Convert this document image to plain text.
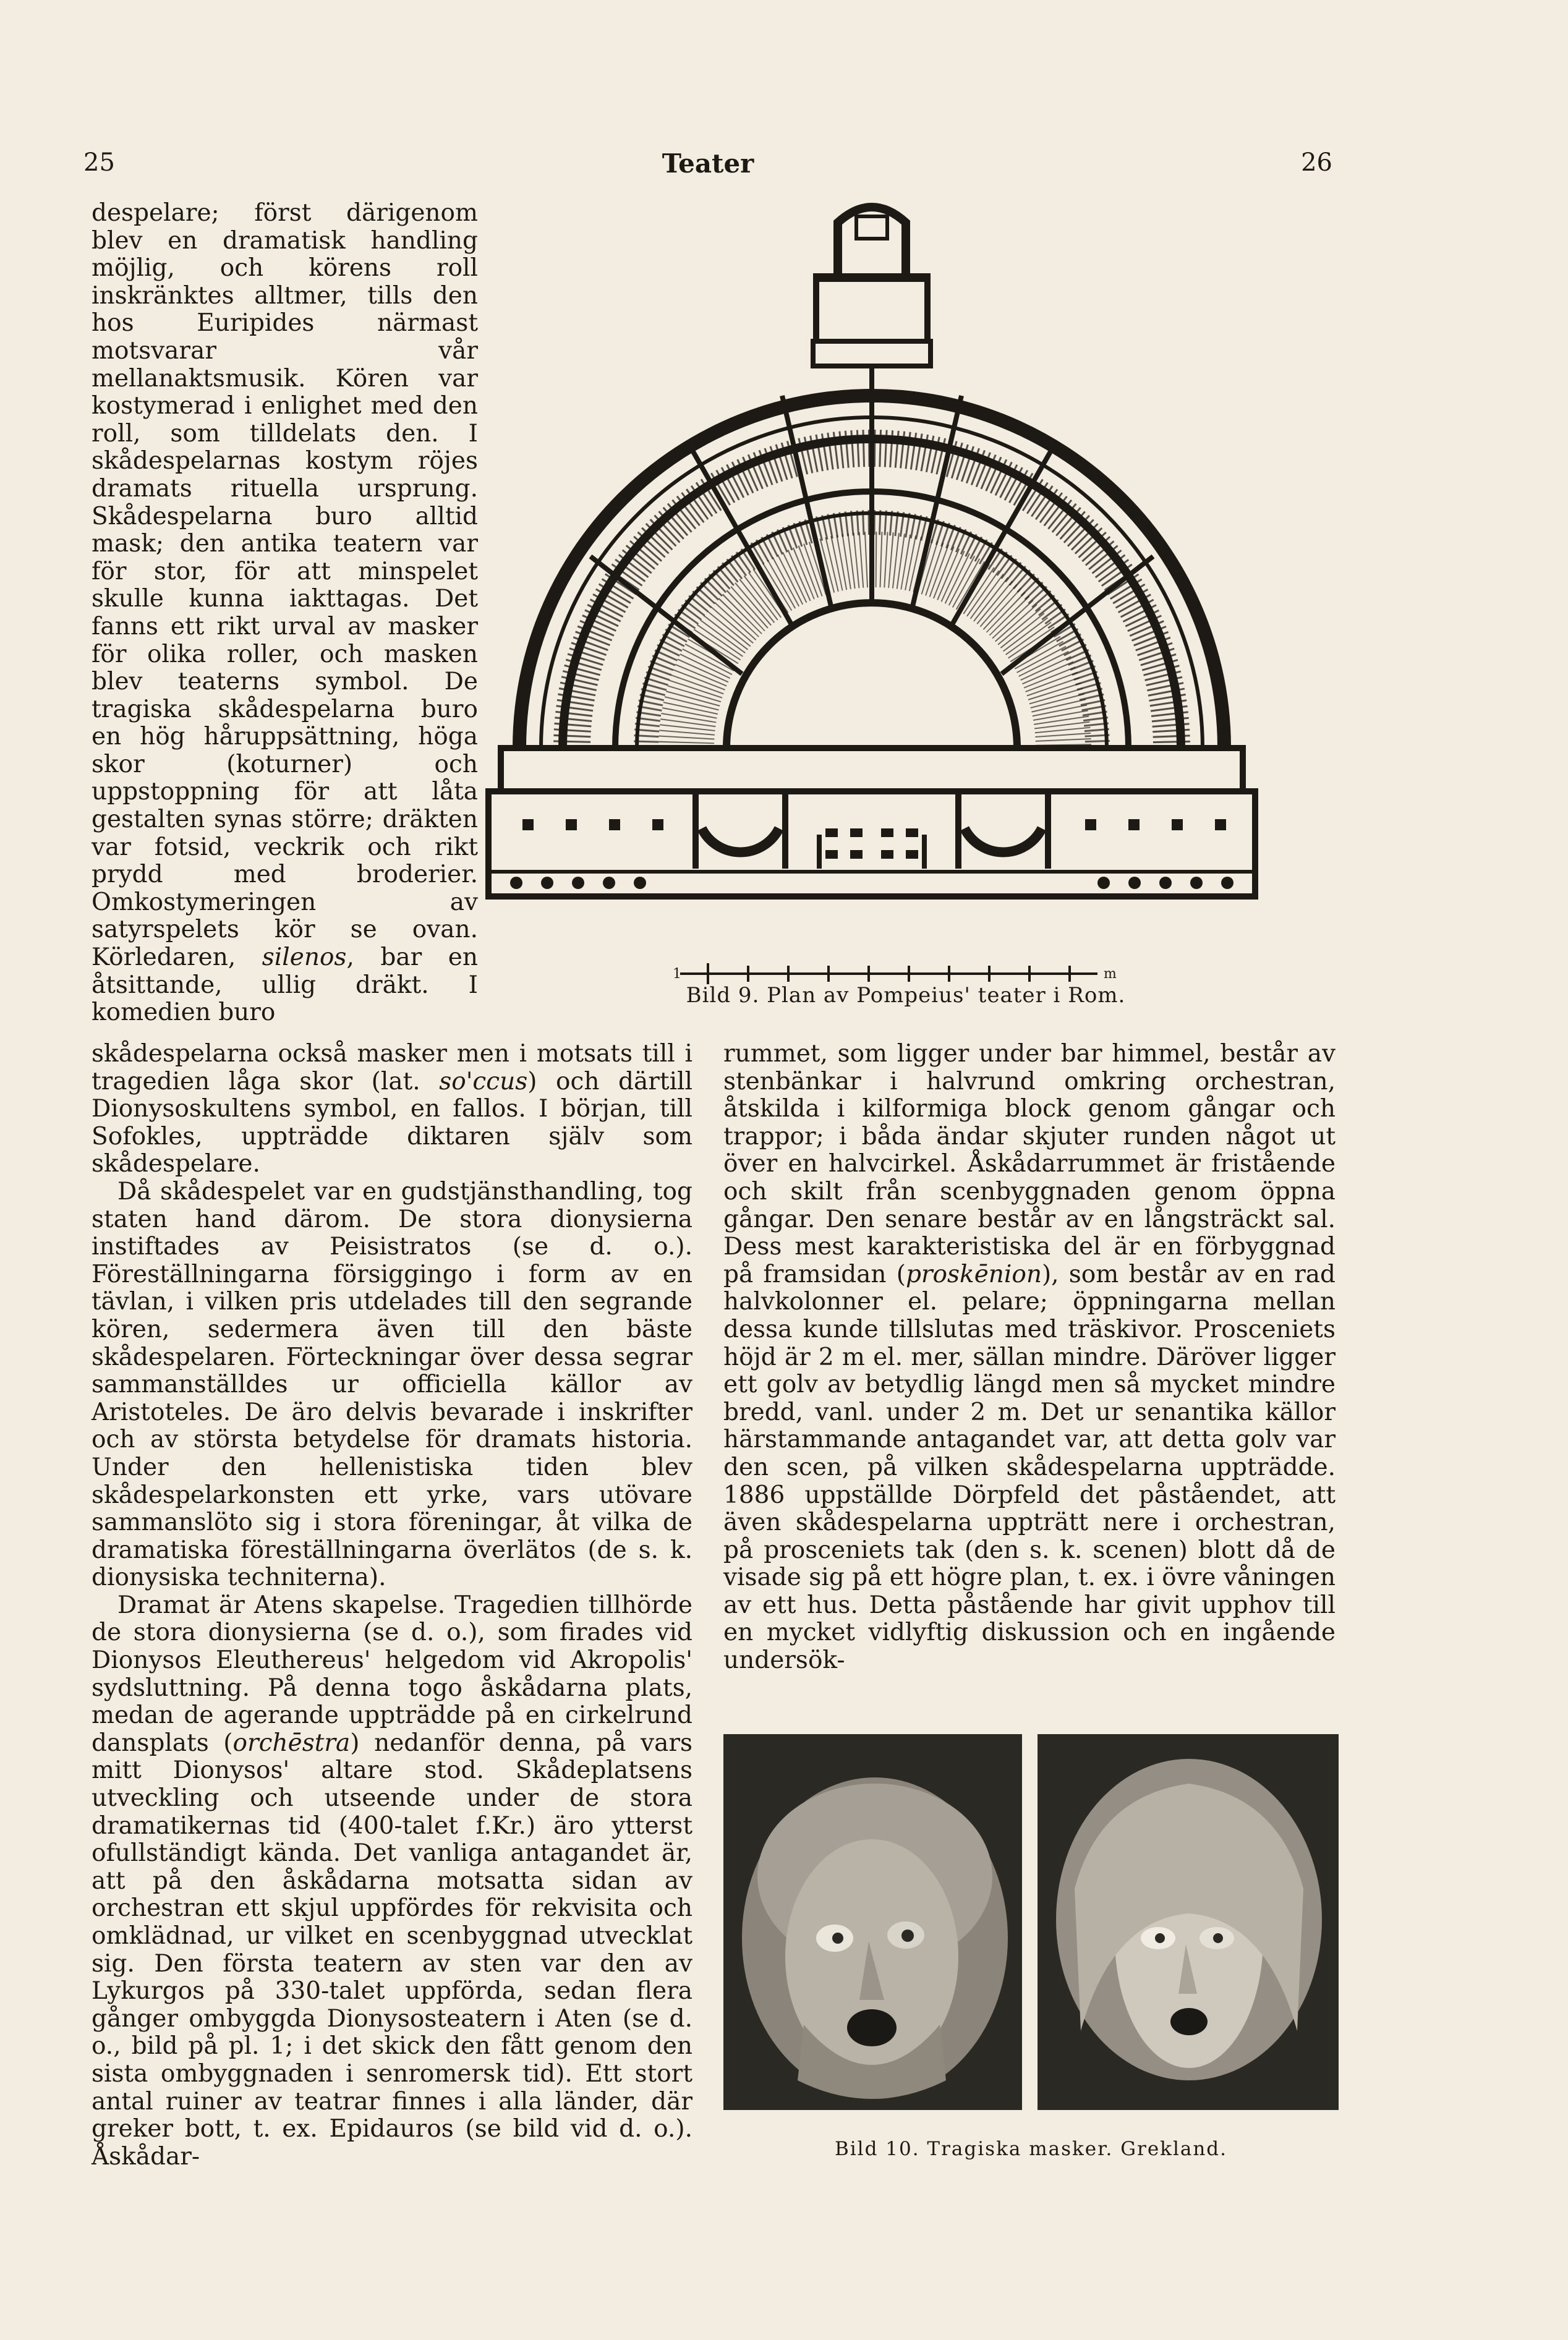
25	Teater	26

despelare; först därigenom blev en dramatisk handling möjlig, och körens roll inskränktes alltmer, tills den hos Euripides närmast motsvarar vår mellanaktsmusik. Kören var kostymerad i enlighet med den roll, som tilldelats den. I skådespelarnas kostym röjes dramats rituella ursprung. Skådespelarna buro alltid mask; den antika teatern var för stor, för att minspelet skulle kunna iakttagas. Det fanns ett rikt urval av masker för olika roller, och masken blev teaterns symbol. De tragiska skådespelarna buro en hög håruppsättning, höga skor (koturner) och uppstoppning för att låta gestalten synas större; dräkten var fotsid, veckrik och rikt prydd med broderier. Omkostymeringen av satyrspelets kör se ovan. Körledaren, silenos, bar en åtsittande, ullig dräkt. I komedien buro

m
1
Bild 9. Plan av Pompeius' teater i Rom.

skådespelarna också masker men i motsats till i tragedien låga skor (lat. so'ccus) och därtill Dionysoskultens symbol, en fallos. I början, till Sofokles, uppträdde diktaren själv som skådespelare.

Då skådespelet var en gudstjänsthandling, tog staten hand därom. De stora dionysierna instiftades av Peisistratos (se d. o.). Föreställningarna försiggingo i form av en tävlan, i vilken pris utdelades till den segrande kören, sedermera även till den bäste skådespelaren. Förteckningar över dessa segrar sammanställdes ur officiella källor av Aristoteles. De äro delvis bevarade i inskrifter och av största betydelse för dramats historia. Under den hellenistiska tiden blev skådespelarkonsten ett yrke, vars utövare sammanslöto sig i stora föreningar, åt vilka de dramatiska föreställningarna överlätos (de s. k. dionysiska techniterna).

Dramat är Atens skapelse. Tragedien tillhörde de stora dionysierna (se d. o.), som firades vid Dionysos Eleuthereus' helgedom vid Akropolis' sydsluttning. På denna togo åskådarna plats, medan de agerande uppträdde på en cirkelrund dansplats (orchēstra) nedanför denna, på vars mitt Dionysos' altare stod. Skådeplatsens utveckling och utseende under de stora dramatikernas tid (400-talet f.Kr.) äro ytterst ofullständigt kända. Det vanliga antagandet är, att på den åskådarna motsatta sidan av orchestran ett skjul uppfördes för rekvisita och omklädnad, ur vilket en scenbyggnad utvecklat sig. Den första teatern av sten var den av Lykurgos på 330-talet uppförda, sedan flera gånger ombyggda Dionysosteatern i Aten (se d. o., bild på pl. 1; i det skick den fått genom den sista ombyggnaden i senromersk tid). Ett stort antal ruiner av teatrar finnes i alla länder, där greker bott, t. ex. Epidauros (se bild vid d. o.). Åskådar-

rummet, som ligger under bar himmel, består av stenbänkar i halvrund omkring orchestran, åtskilda i kilformiga block genom gångar och trappor; i båda ändar skjuter runden något ut över en halvcirkel. Åskådarrummet är fristående och skilt från scenbyggnaden genom öppna gångar. Den senare består av en långsträckt sal. Dess mest karakteristiska del är en förbyggnad på framsidan (proskēnion), som består av en rad halvkolonner el. pelare; öppningarna mellan dessa kunde tillslutas med träskivor. Prosceniets höjd är 2 m el. mer, sällan mindre. Däröver ligger ett golv av betydlig längd men så mycket mindre bredd, vanl. under 2 m. Det ur senantika källor härstammande antagandet var, att detta golv var den scen, på vilken skådespelarna uppträdde. 1886 uppställde Dörpfeld det påståendet, att även skådespelarna uppträtt nere i orchestran, på prosceniets tak (den s. k. scenen) blott då de visade sig på ett högre plan, t. ex. i övre våningen av ett hus. Detta påstående har givit upphov till en mycket vidlyftig diskussion och en ingående undersök-

Bild 10. Tragiska masker. Grekland.
